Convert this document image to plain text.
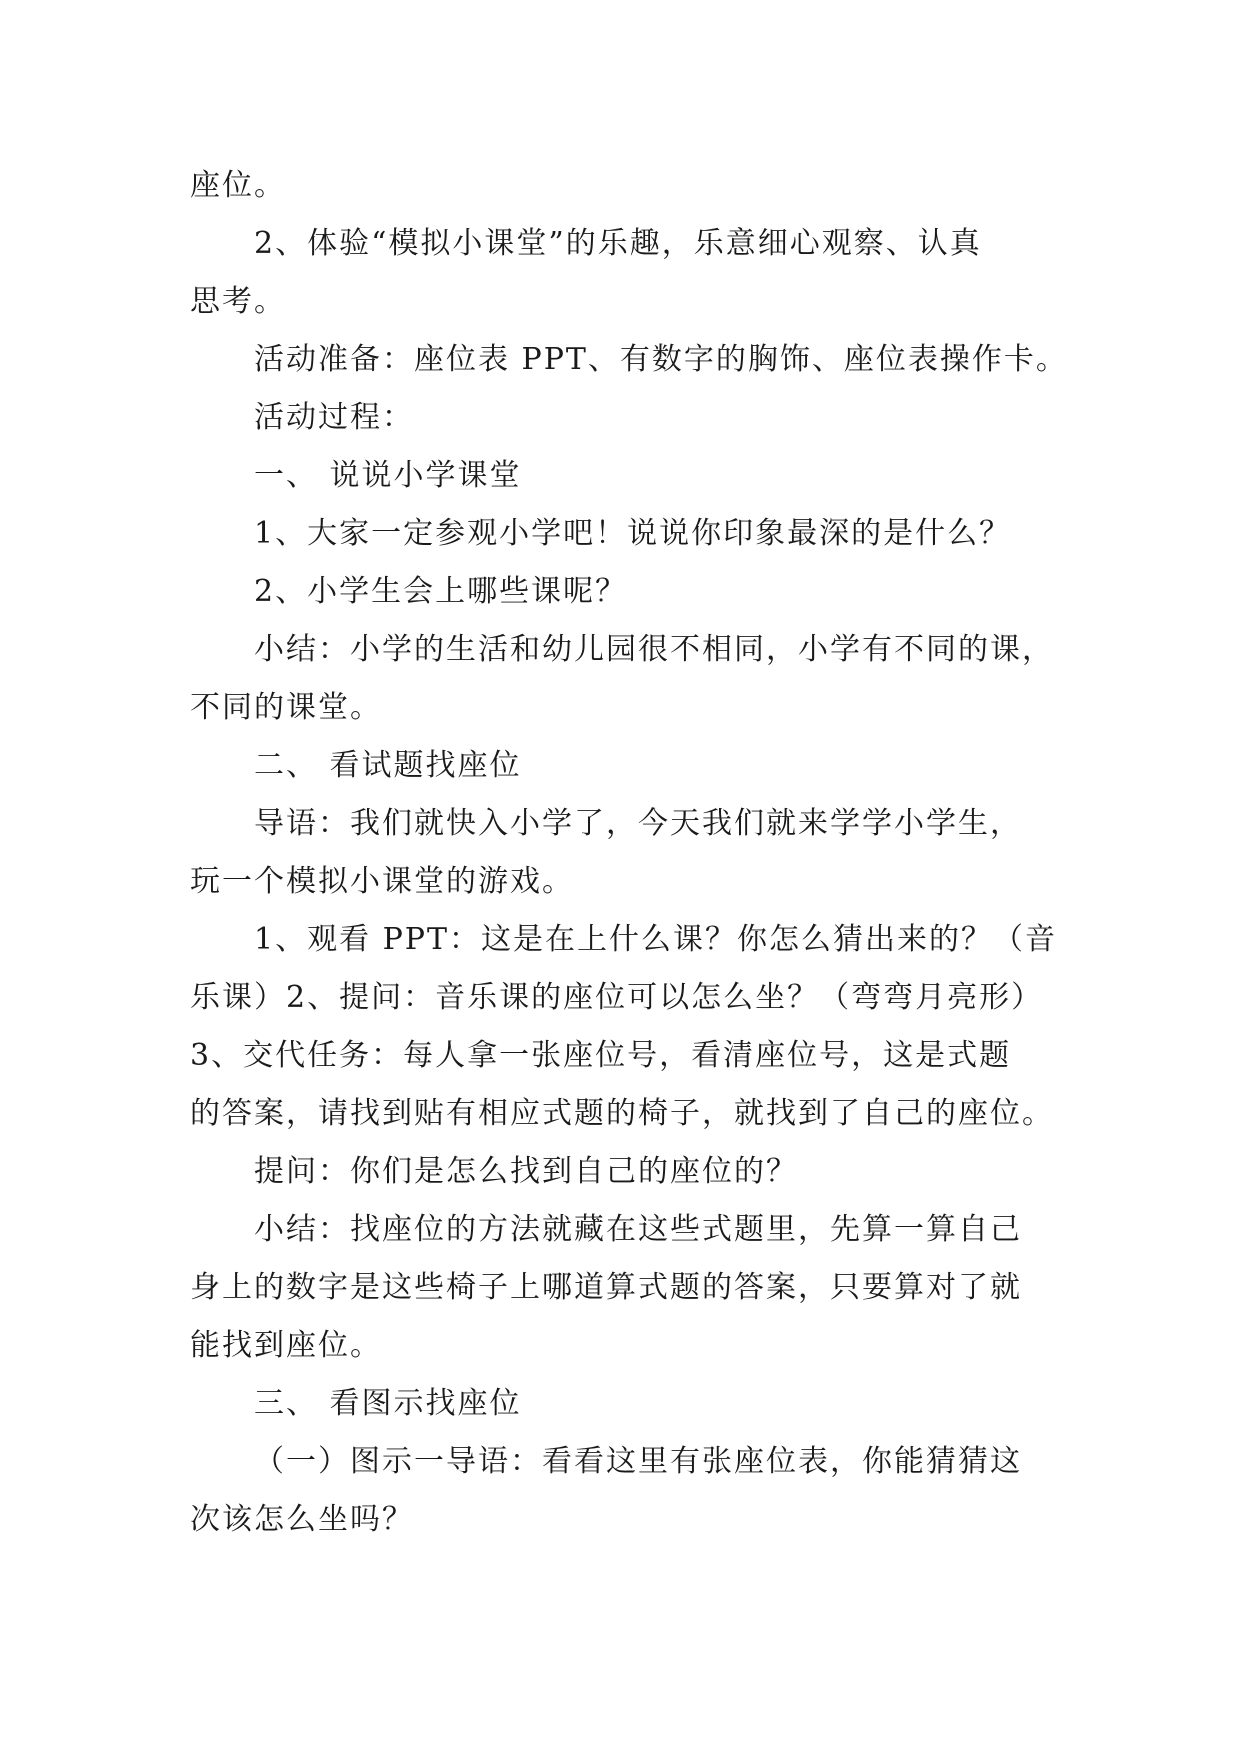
座位。
2、体验“模拟小课堂”的乐趣，乐意细心观察、认真
思考。
活动准备：座位表 PPT、有数字的胸饰、座位表操作卡。
活动过程：
一、 说说小学课堂
1、大家一定参观小学吧！说说你印象最深的是什么？
2、小学生会上哪些课呢？
小结：小学的生活和幼儿园很不相同，小学有不同的课，
不同的课堂。
二、 看试题找座位
导语：我们就快入小学了，今天我们就来学学小学生，
玩一个模拟小课堂的游戏。
1、观看 PPT：这是在上什么课？你怎么猜出来的？（音
乐课）2、提问：音乐课的座位可以怎么坐？（弯弯月亮形）
3、交代任务：每人拿一张座位号，看清座位号，这是式题
的答案，请找到贴有相应式题的椅子，就找到了自己的座位。
提问：你们是怎么找到自己的座位的？
小结：找座位的方法就藏在这些式题里，先算一算自己
身上的数字是这些椅子上哪道算式题的答案，只要算对了就
能找到座位。
三、 看图示找座位
（一）图示一导语：看看这里有张座位表，你能猜猜这
次该怎么坐吗？
